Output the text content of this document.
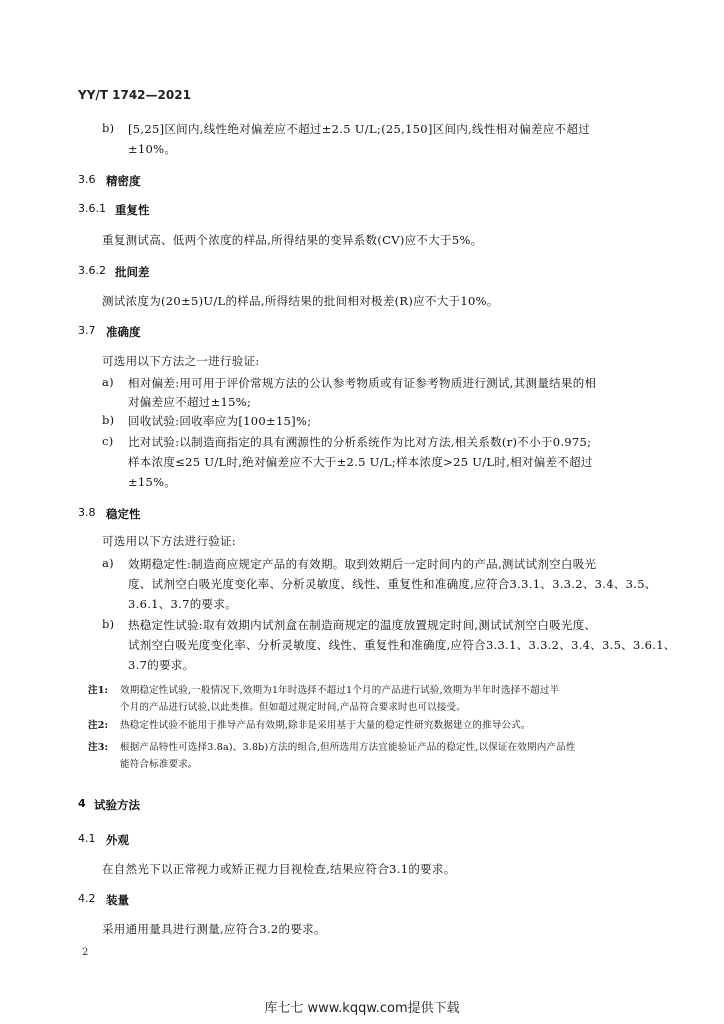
YY/T 1742—2021
b) [5,25]区间内,线性绝对偏差应不超过±2.5 U/L;(25,150]区间内,线性相对偏差应不超过
±10%。
3.6 精密度
3.6.1 重复性
重复测试高、低两个浓度的样品,所得结果的变异系数(CV)应不大于5%。
3.6.2 批间差
测试浓度为(20±5)U/L的样品,所得结果的批间相对极差(R)应不大于10%。
3.7 准确度
可选用以下方法之一进行验证:
a) 相对偏差:用可用于评价常规方法的公认参考物质或有证参考物质进行测试,其测量结果的相
对偏差应不超过±15%;
b) 回收试验:回收率应为[100±15]%;
c) 比对试验:以制造商指定的具有溯源性的分析系统作为比对方法,相关系数(r)不小于0.975;
样本浓度≤25 U/L时,绝对偏差应不大于±2.5 U/L;样本浓度>25 U/L时,相对偏差不超过
±15%。
3.8 稳定性
可选用以下方法进行验证:
a) 效期稳定性:制造商应规定产品的有效期。取到效期后一定时间内的产品,测试试剂空白吸光
度、试剂空白吸光度变化率、分析灵敏度、线性、重复性和准确度,应符合3.3.1、3.3.2、3.4、3.5、
3.6.1、3.7的要求。
b) 热稳定性试验:取有效期内试剂盒在制造商规定的温度放置规定时间,测试试剂空白吸光度、
试剂空白吸光度变化率、分析灵敏度、线性、重复性和准确度,应符合3.3.1、3.3.2、3.4、3.5、3.6.1、
3.7的要求。
注1: 效期稳定性试验,一般情况下,效期为1年时选择不超过1个月的产品进行试验,效期为半年时选择不超过半
个月的产品进行试验,以此类推。但如超过规定时间,产品符合要求时也可以接受。
注2: 热稳定性试验不能用于推导产品有效期,除非是采用基于大量的稳定性研究数据建立的推导公式。
注3: 根据产品特性可选择3.8a)、3.8b)方法的组合,但所选用方法宜能验证产品的稳定性,以保证在效期内产品性
能符合标准要求。
4 试验方法
4.1 外观
在自然光下以正常视力或矫正视力目视检查,结果应符合3.1的要求。
4.2 装量
采用通用量具进行测量,应符合3.2的要求。
2
库七七 www.kqqw.com提供下载
